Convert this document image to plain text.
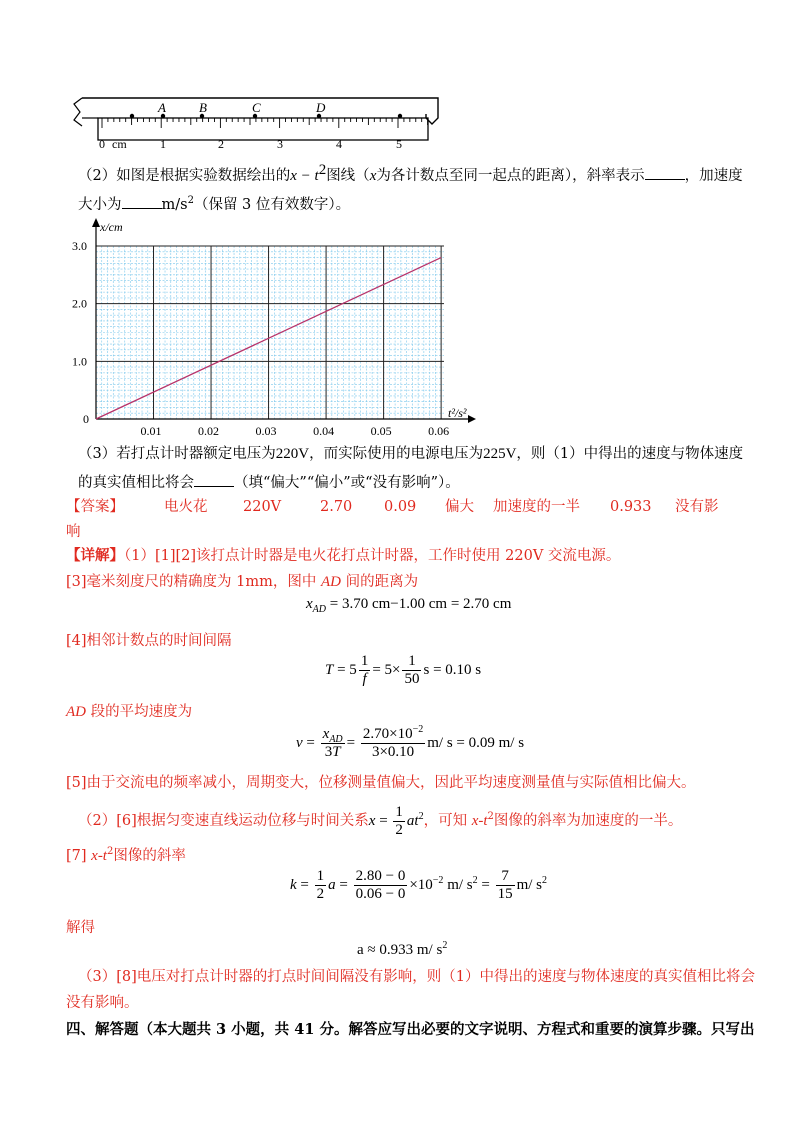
A	B	C	D
0 cm	1	2	3	4	5
（2）如图是根据实验数据绘出的$x - t^2$图线（x为各计数点至同一起点的距离），斜率表示	，加速度
大小为	$m/s^2$（保留 3 位有效数字）。
0.01	0.02	0.03	0.04	0.05	0.06
0
1.0
2.0
3.0
x/cm
t²/s²
（3）若打点计时器额定电压为220V，而实际使用的电源电压为225V，则（1）中得出的速度与物体速度
的真实值相比将会	（填“偏大”“偏小”或“没有影响”）。
【答案】	电火花 220V	2.70 0.09 偏大 加速度的一半 0.933 没有影
响
【详解】（1）[1][2]该打点计时器是电火花打点计时器，工作时使用 220V 交流电源。
[3]毫米刻度尺的精确度为 1mm，图中 AD 间的距离为
$x_{AD} = 3.70$ cm−1.00 cm = 2.70 cm
[4]相邻计数点的时间间隔
$T = 5 \frac{1}{f} = 5\times \frac{1}{50}$ s = 0.10 s
AD 段的平均速度为
$v = \frac{x_{AD}}{3T} = \frac{2.70\times 10^{-2}}{3\times 0.10} m/$ s = 0.09 m/ s
[5]由于交流电的频率减小，周期变大，位移测量值偏大，因此平均速度测量值与实际值相比偏大。
（2）[6]根据匀变速直线运动位移与时间关系$x = \frac{1}{2} at^2$，可知 $x-t^2$图像的斜率为加速度的一半。
[7] $x-t^2$图像的斜率
$k = \frac{1}{2}$ $a = \frac{2.80 - 0}{0.06 - 0} \times 10^{-2}$ m/ $s^2 = \frac{7}{15} m/$ $s^2$
解得
a ≈ 0.933 m/ $s^2$
（3）[8]电压对打点计时器的打点时间间隔没有影响，则（1）中得出的速度与物体速度的真实值相比将会
没有影响。
四、解答题（本大题共 3 小题，共 41 分。解答应写出必要的文字说明、方程式和重要的演算步骤。只写出
